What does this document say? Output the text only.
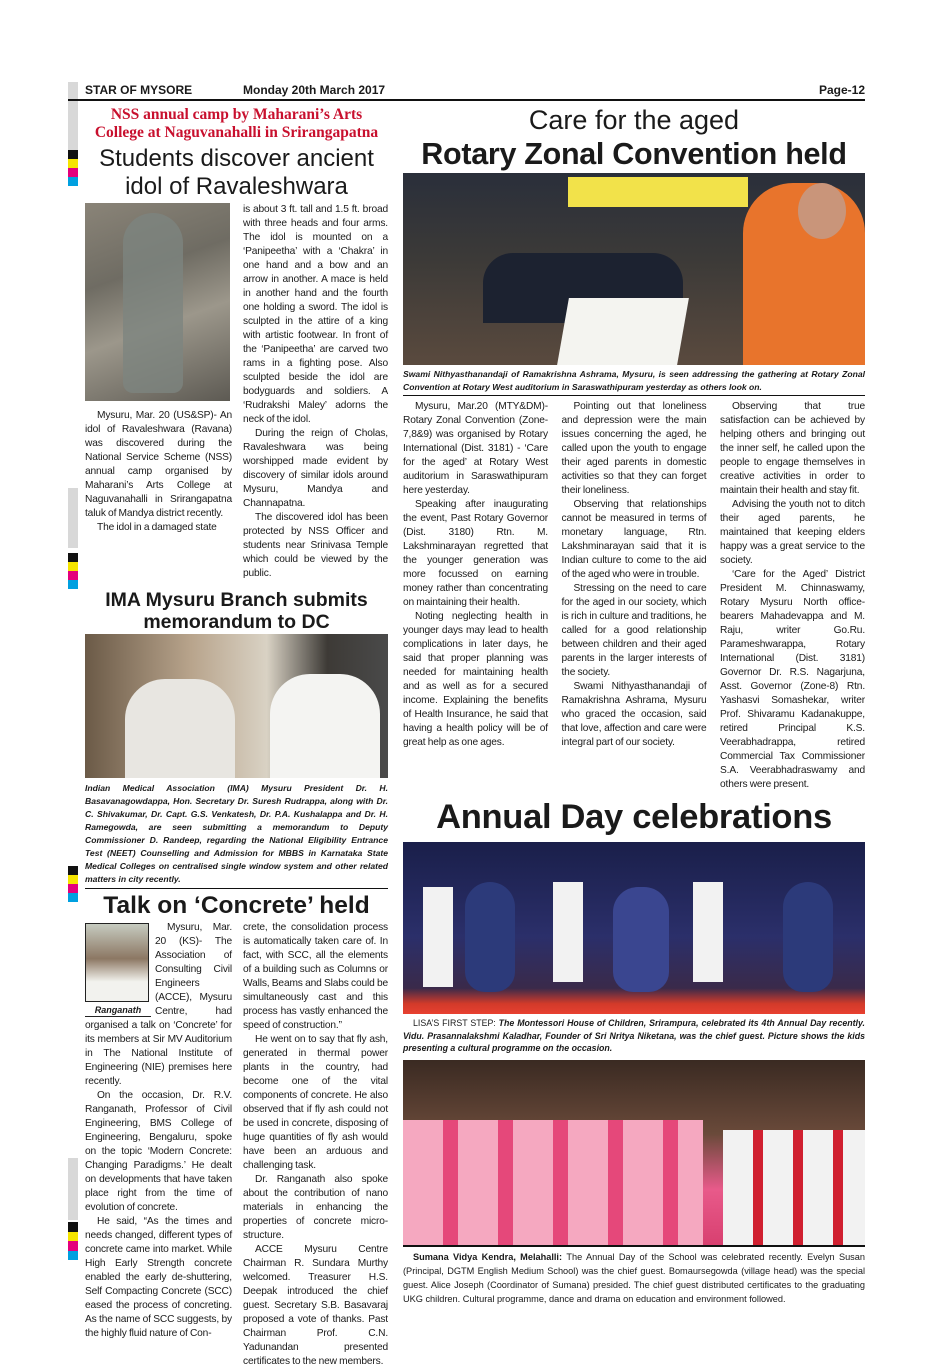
STAR OF MYSORE	Monday 20th March 2017	Page-12
NSS annual camp by Maharani’s Arts College at Naguvanahalli in Srirangapatna
Students discover ancient
idol of Ravaleshwara

Mysuru, Mar. 20 (US&SP)- An idol of Ravaleshwara (Ravana) was discovered during the National Service Scheme (NSS) annual camp organised by Maharani’s Arts College at Naguvanahalli in Srirangapatna taluk of Mandya district recently.

The idol in a damaged state

is about 3 ft. tall and 1.5 ft. broad with three heads and four arms. The idol is mounted on a ‘Panipeetha’ with a ‘Chakra’ in one hand and a bow and an arrow in another. A mace is held in another hand and the fourth one holding a sword. The idol is sculpted in the attire of a king with artistic footwear. In front of the ‘Panipeetha’ are carved two rams in a fighting pose. Also sculpted beside the idol are bodyguards and soldiers. A ‘Rudrakshi Maley’ adorns the neck of the idol.

During the reign of Cholas, Ravaleshwara was being worshipped made evident by discovery of similar idols around Mysuru, Mandya and Channapatna.

The discovered idol has been protected by NSS Officer and students near Srinivasa Temple which could be viewed by the public.

IMA Mysuru Branch submits
memorandum to DC
Indian Medical Association (IMA) Mysuru President Dr. H. Basavanagowdappa, Hon. Secretary Dr. Suresh Rudrappa, along with Dr. C. Shivakumar, Dr. Capt. G.S. Venkatesh, Dr. P.A. Kushalappa and Dr. H. Ramegowda, are seen submitting a memorandum to Deputy Commissioner D. Randeep, regarding the National Eligibility Entrance Test (NEET) Counselling and Admission for MBBS in Karnataka State Medical Colleges on centralised single window system and other related matters in city recently.
Talk on ‘Concrete’ held
Ranganath

Mysuru, Mar. 20 (KS)- The Association of Consulting Civil Engineers (ACCE), Mysuru Centre, had organised a talk on ‘Concrete’ for its members at Sir MV Auditorium in The National Institute of Engineering (NIE) premises here recently.

On the occasion, Dr. R.V. Ranganath, Professor of Civil Engineering, BMS College of Engineering, Bengaluru, spoke on the topic ‘Modern Concrete: Changing Paradigms.’ He dealt on developments that have taken place right from the time of evolution of concrete.

He said, “As the times and needs changed, different types of concrete came into market. While High Early Strength concrete enabled the early de-shuttering, Self Compacting Concrete (SCC) eased the process of concreting. As the name of SCC suggests, by the highly fluid nature of Con-

crete, the consolidation process is automatically taken care of. In fact, with SCC, all the elements of a building such as Columns or Walls, Beams and Slabs could be simultaneously cast and this process has vastly enhanced the speed of construction.”

He went on to say that fly ash, generated in thermal power plants in the country, had become one of the vital components of concrete. He also observed that if fly ash could not be used in concrete, disposing of huge quantities of fly ash would have been an arduous and challenging task.

Dr. Ranganath also spoke about the contribution of nano materials in enhancing the properties of concrete micro-structure.

ACCE Mysuru Centre Chairman R. Sundara Murthy welcomed. Treasurer H.S. Deepak introduced the chief guest. Secretary S.B. Basavaraj proposed a vote of thanks. Past Chairman Prof. C.N. Yadunandan presented certificates to the new members.

Care for the aged
Rotary Zonal Convention held
Swami Nithyasthanandaji of Ramakrishna Ashrama, Mysuru, is seen addressing the gathering at Rotary Zonal Convention at Rotary West auditorium in Saraswathipuram yesterday as others look on.

Mysuru, Mar.20 (MTY&DM)- Rotary Zonal Convention (Zone-7,8&9) was organised by Rotary International (Dist. 3181) - ‘Care for the aged’ at Rotary West auditorium in Saraswathipuram here yesterday.

Speaking after inaugurating the event, Past Rotary Governor (Dist. 3180) Rtn. M. Lakshminarayan regretted that the younger generation was more focussed on earning money rather than concentrating on maintaining their health.

Noting neglecting health in younger days may lead to health complications in later days, he said that proper planning was needed for maintaining health and as well as for a secured income. Explaining the benefits of Health Insurance, he said that having a health policy will be of great help as one ages.

Pointing out that loneliness and depression were the main issues concerning the aged, he called upon the youth to engage their aged parents in domestic activities so that they can forget their loneliness.

Observing that relationships cannot be measured in terms of monetary language, Rtn. Lakshminarayan said that it is Indian culture to come to the aid of the aged who were in trouble.

Stressing on the need to care for the aged in our society, which is rich in culture and traditions, he called for a good relationship between children and their aged parents in the larger interests of the society.

Swami Nithyasthanandaji of Ramakrishna Ashrama, Mysuru who graced the occasion, said that love, affection and care were integral part of our society.

Observing that true satisfaction can be achieved by helping others and bringing out the inner self, he called upon the people to engage themselves in creative activities in order to maintain their health and stay fit.

Advising the youth not to ditch their aged parents, he maintained that keeping elders happy was a great service to the society.

‘Care for the Aged’ District President M. Chinnaswamy, Rotary Mysuru North office-bearers Mahadevappa and M. Raju, writer Go.Ru. Parameshwarappa, Rotary International (Dist. 3181) Governor Dr. R.S. Nagarjuna, Asst. Governor (Zone-8) Rtn. Yashasvi Somashekar, writer Prof. Shivaramu Kadanakuppe, retired Principal K.S. Veerabhadrappa, retired Commercial Tax Commissioner S.A. Veerabhadraswamy and others were present.

Annual Day celebrations
LISA’S FIRST STEP: The Montessori House of Children, Srirampura, celebrated its 4th Annual Day recently. Vidu. Prasannalakshmi Kaladhar, Founder of Sri Nritya Niketana, was the chief guest. Picture shows the kids presenting a cultural programme on the occasion.
Sumana Vidya Kendra, Melahalli: The Annual Day of the School was celebrated recently. Evelyn Susan (Principal, DGTM English Medium School) was the chief guest. Bomaursegowda (village head) was the special guest. Alice Joseph (Coordinator of Sumana) presided. The chief guest distributed certificates to the graduating UKG children. Cultural programme, dance and drama on education and environment followed.
